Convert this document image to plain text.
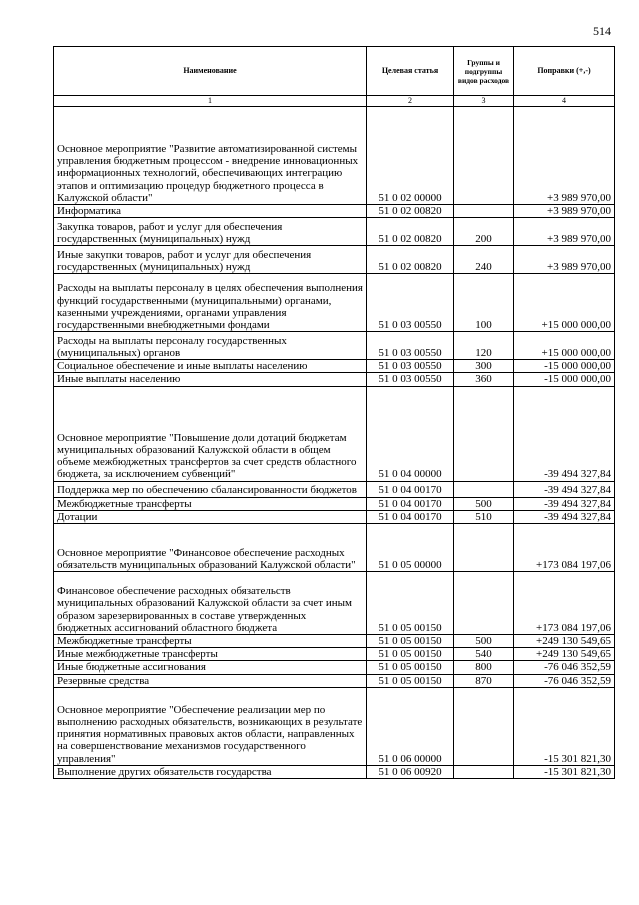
514
Наименование	Целевая статья	Группы и подгруппы видов расходов	Поправки (+,-)
1	2	3	4
Основное мероприятие "Развитие автоматизированной системы управления бюджетным процессом - внедрение инновационных информационных технологий, обеспечивающих интеграцию этапов и оптимизацию процедур бюджетного процесса в Калужской области"	51 0 02 00000		+3 989 970,00
Информатика	51 0 02 00820		+3 989 970,00
Закупка товаров, работ и услуг для обеспечения государственных (муниципальных) нужд	51 0 02 00820	200	+3 989 970,00
Иные закупки товаров, работ и услуг для обеспечения государственных (муниципальных) нужд	51 0 02 00820	240	+3 989 970,00
Расходы на выплаты персоналу в целях обеспечения выполнения функций государственными (муниципальными) органами, казенными учреждениями, органами управления государственными внебюджетными фондами	51 0 03 00550	100	+15 000 000,00
Расходы на выплаты персоналу государственных (муниципальных) органов	51 0 03 00550	120	+15 000 000,00
Социальное обеспечение и иные выплаты населению	51 0 03 00550	300	-15 000 000,00
Иные выплаты населению	51 0 03 00550	360	-15 000 000,00
Основное мероприятие "Повышение доли дотаций бюджетам муниципальных образований Калужской области в общем объеме межбюджетных трансфертов за счет средств областного бюджета, за исключением субвенций"	51 0 04 00000		-39 494 327,84
Поддержка мер по обеспечению сбалансированности бюджетов	51 0 04 00170		-39 494 327,84
Межбюджетные трансферты	51 0 04 00170	500	-39 494 327,84
Дотации	51 0 04 00170	510	-39 494 327,84
Основное мероприятие "Финансовое обеспечение расходных обязательств муниципальных образований Калужской области"	51 0 05 00000		+173 084 197,06
Финансовое обеспечение расходных обязательств муниципальных образований Калужской области за счет иным образом зарезервированных в составе утвержденных бюджетных ассигнований областного бюджета	51 0 05 00150		+173 084 197,06
Межбюджетные трансферты	51 0 05 00150	500	+249 130 549,65
Иные межбюджетные трансферты	51 0 05 00150	540	+249 130 549,65
Иные бюджетные ассигнования	51 0 05 00150	800	-76 046 352,59
Резервные средства	51 0 05 00150	870	-76 046 352,59
Основное мероприятие "Обеспечение реализации мер по выполнению расходных обязательств, возникающих в результате принятия нормативных правовых актов области, направленных на совершенствование механизмов государственного управления"	51 0 06 00000		-15 301 821,30
Выполнение других обязательств государства	51 0 06 00920		-15 301 821,30
